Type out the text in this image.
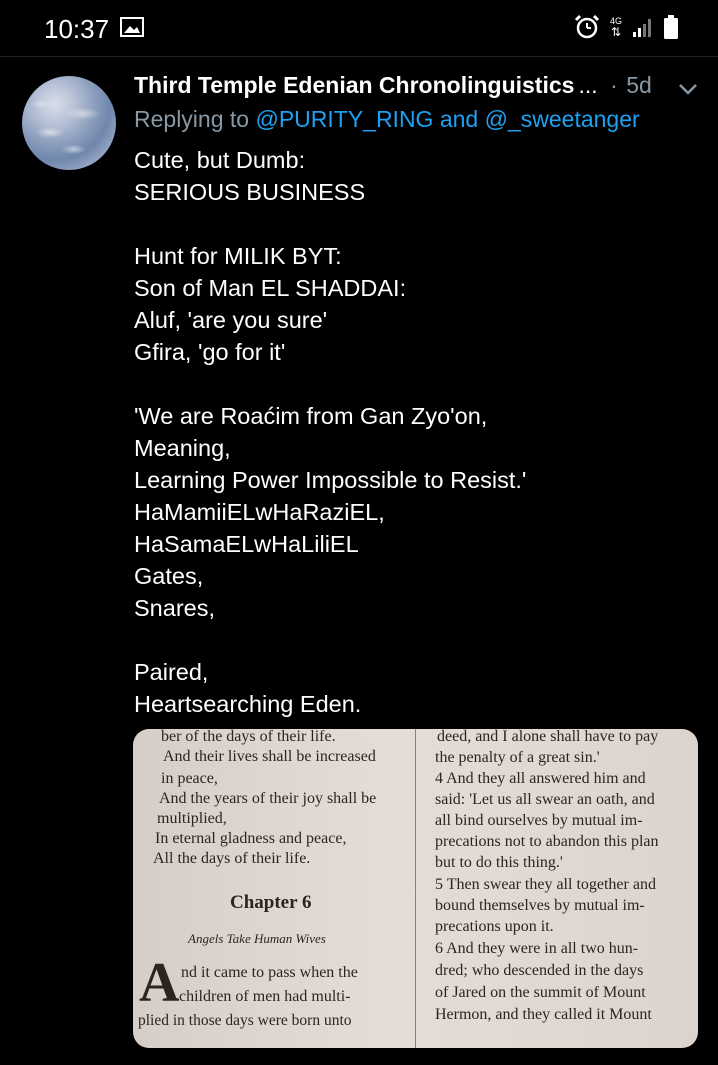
10:37	4G
⇅
Third Temple Edenian Chronolinguistics ... · 5d
Replying to @PURITY_RING and @_sweetanger
Cute, but Dumb:
SERIOUS BUSINESS
Hunt for MILIK BYT:
Son of Man EL SHADDAI:
Aluf, 'are you sure'
Gfira, 'go for it'
'We are Roaćim from Gan Zyo'on,
Meaning,
Learning Power Impossible to Resist.'
HaMamiiELwHaRaziEL,
HaSamaELwHaLiliEL
Gates,
Snares,
Paired,
Heartsearching Eden.
ber of the days of their life.
And their lives shall be increased
in peace,
And the years of their joy shall be
multiplied,
In eternal gladness and peace,
All the days of their life.
Chapter 6
Angels Take Human Wives
A nd it came to pass when the
children of men had multi-
plied in those days were born unto
deed, and I alone shall have to pay
the penalty of a great sin.'
4 And they all answered him and
said: 'Let us all swear an oath, and
all bind ourselves by mutual im-
precations not to abandon this plan
but to do this thing.'
5 Then swear they all together and
bound themselves by mutual im-
precations upon it.
6 And they were in all two hun-
dred; who descended in the days
of Jared on the summit of Mount
Hermon, and they called it Mount
